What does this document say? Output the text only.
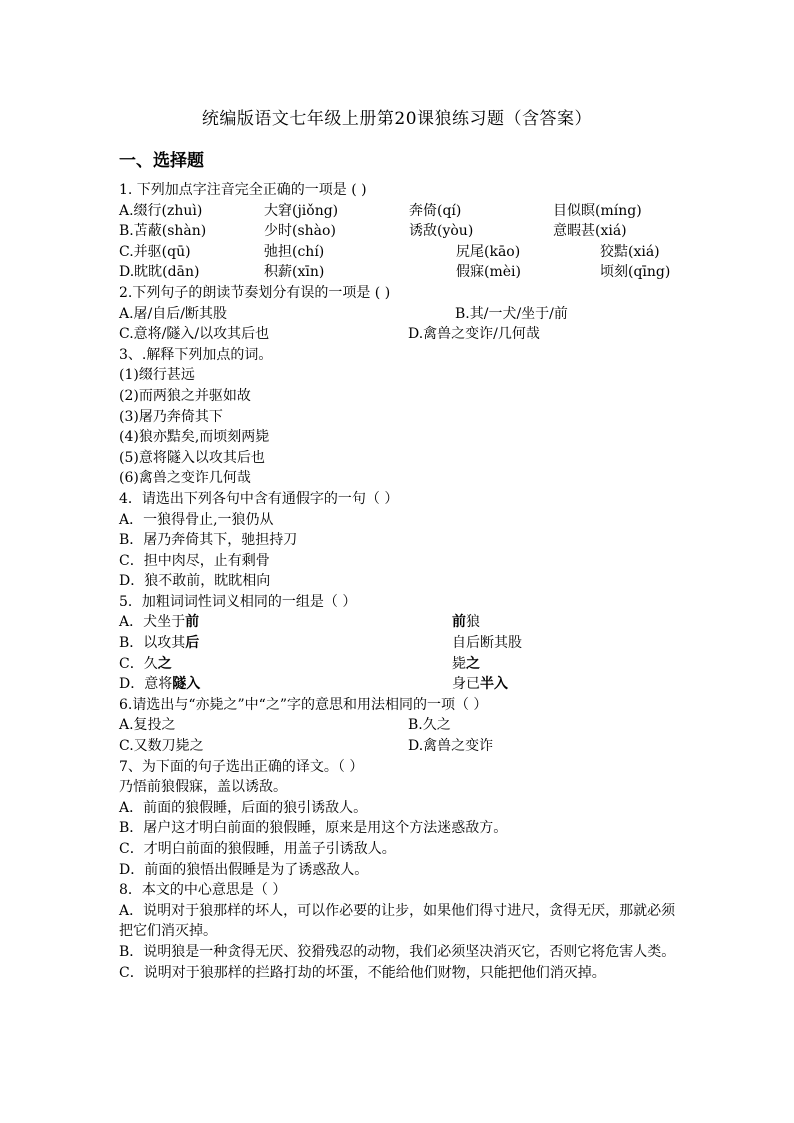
统编版语文七年级上册第20课狼练习题（含答案）
一、选择题
1. 下列加点字注音完全正确的一项是 ( )
A.缀行(zhuì)	大窘(jiǒng)	奔倚(qí)	目似瞑(míng)
B.苫蔽(shàn)	少时(shào)	诱敌(yòu)	意暇甚(xiá)
C.并驱(qū)	弛担(chí)	尻尾(kāo)	狡黠(xiá)
D.眈眈(dān)	积薪(xīn)	假寐(mèi)	顷刻(qīng)
2.下列句子的朗读节奏划分有误的一项是 ( )
A.屠/自后/断其股	B.其/一犬/坐于/前
C.意将/隧入/以攻其后也	D.禽兽之变诈/几何哉
3、.解释下列加点的词。
(1)缀行甚远
(2)而两狼之并驱如故
(3)屠乃奔倚其下
(4)狼亦黠矣,而顷刻两毙
(5)意将隧入以攻其后也
(6)禽兽之变诈几何哉
4．请选出下列各句中含有通假字的一句（ ）
A．一狼得骨止,一狼仍从
B．屠乃奔倚其下，驰担持刀
C．担中肉尽，止有剩骨
D．狼不敢前，眈眈相向
5．加粗词词性词义相同的一组是（ ）
A．犬坐于前	前狼
B．以攻其后	自后断其股
C．久之	毙之
D．意将隧入	身已半入
6.请选出与“亦毙之”中“之”字的意思和用法相同的一项（ ）
A.复投之	B.久之
C.又数刀毙之	D.禽兽之变诈
7、为下面的句子选出正确的译文。（ ）
乃悟前狼假寐，盖以诱敌。
A．前面的狼假睡，后面的狼引诱敌人。
B．屠户这才明白前面的狼假睡，原来是用这个方法迷惑敌方。
C．才明白前面的狼假睡，用盖子引诱敌人。
D．前面的狼悟出假睡是为了诱惑敌人。
8．本文的中心意思是（ ）
A．说明对于狼那样的坏人，可以作必要的让步，如果他们得寸进尺，贪得无厌，那就必须把它们消灭掉。
B．说明狼是一种贪得无厌、狡猾残忍的动物，我们必须坚决消灭它，否则它将危害人类。
C．说明对于狼那样的拦路打劫的坏蛋，不能给他们财物，只能把他们消灭掉。
